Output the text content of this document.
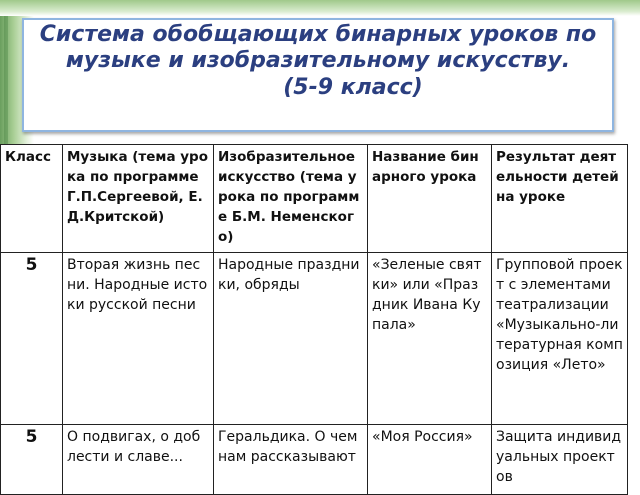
Система обобщающих бинарных уроков по музыке и изобразительному искусству.

(5-9 класс)

Класс	Музыка (тема урока по программе Г.П.Сергеевой, Е.Д.Критской)	Изобразительное искусство (тема урока по программе Б.М. Неменского)	Название бинарного урока	Результат деятельности детей на уроке
5	Вторая жизнь песни. Народные истоки русской песни	Народные праздники, обряды	«Зеленые святки» или «Праздник Ивана Купала»	Групповой проект с элементами театрализации «Музыкально-литературная композиция «Лето»
5	О подвигах, о доблести и славе...	Геральдика. О чем нам рассказывают	«Моя Россия»	Защита индивидуальных проектов
